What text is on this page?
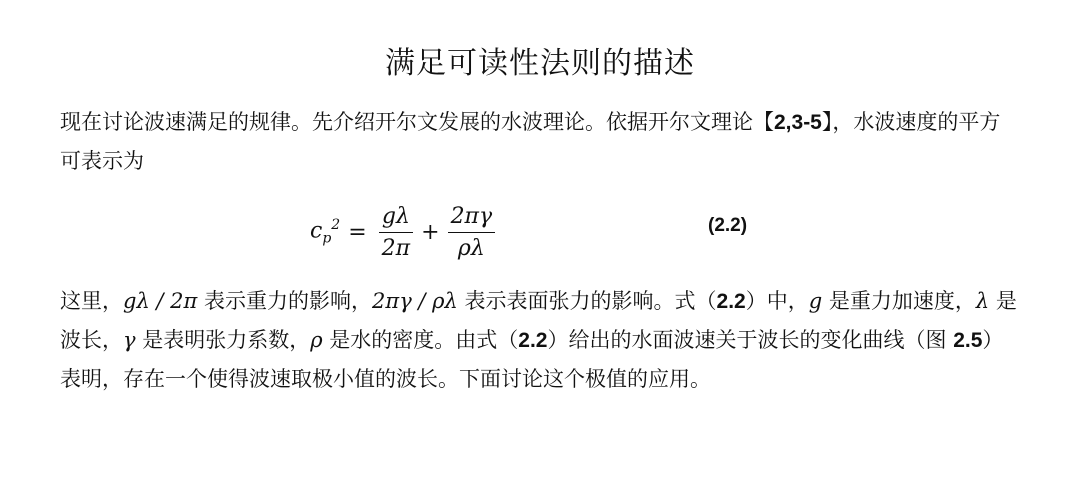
满足可读性法则的描述
现在讨论波速满足的规律。先介绍开尔文发展的水波理论。依据开尔文理论【2,3-5】，水波速度的平方可表示为
$c_p^2 = \frac{g\lambda}{2\pi} + \frac{2\pi\gamma}{\rho\lambda}$	(2.2)
这里，gλ / 2π 表示重力的影响，2πγ / ρλ 表示表面张力的影响。式（2.2）中，g 是重力加速度，λ 是波长，γ 是表明张力系数，ρ 是水的密度。由式（2.2）给出的水面波速关于波长的变化曲线（图 2.5）表明，存在一个使得波速取极小值的波长。下面讨论这个极值的应用。
